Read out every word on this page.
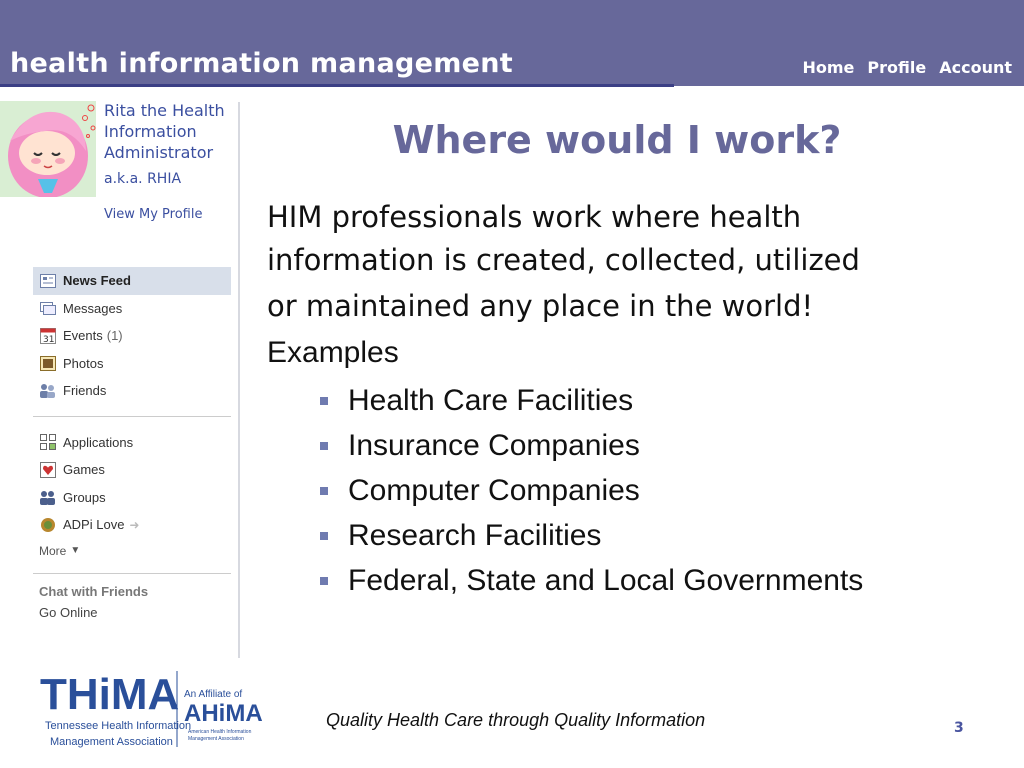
health information management	Home Profile Account
Rita the Health Information Administrator
a.k.a. RHIA
View My Profile
News Feed
Messages
31 Events (1)
Photos
Friends
Applications
Games
Groups
ADPi Love ➜
More ▼
Chat with Friends
Go Online
Where would I work?
HIM professionals work where health
information is created, collected, utilized
or maintained any place in the world!
Examples
Health Care Facilities
Insurance Companies
Computer Companies
Research Facilities
Federal, State and Local Governments
THiMA
Tennessee Health Information
Management Association
An Affiliate of
AHiMA
American Health Information
Management Association
Quality Health Care through Quality Information	3
